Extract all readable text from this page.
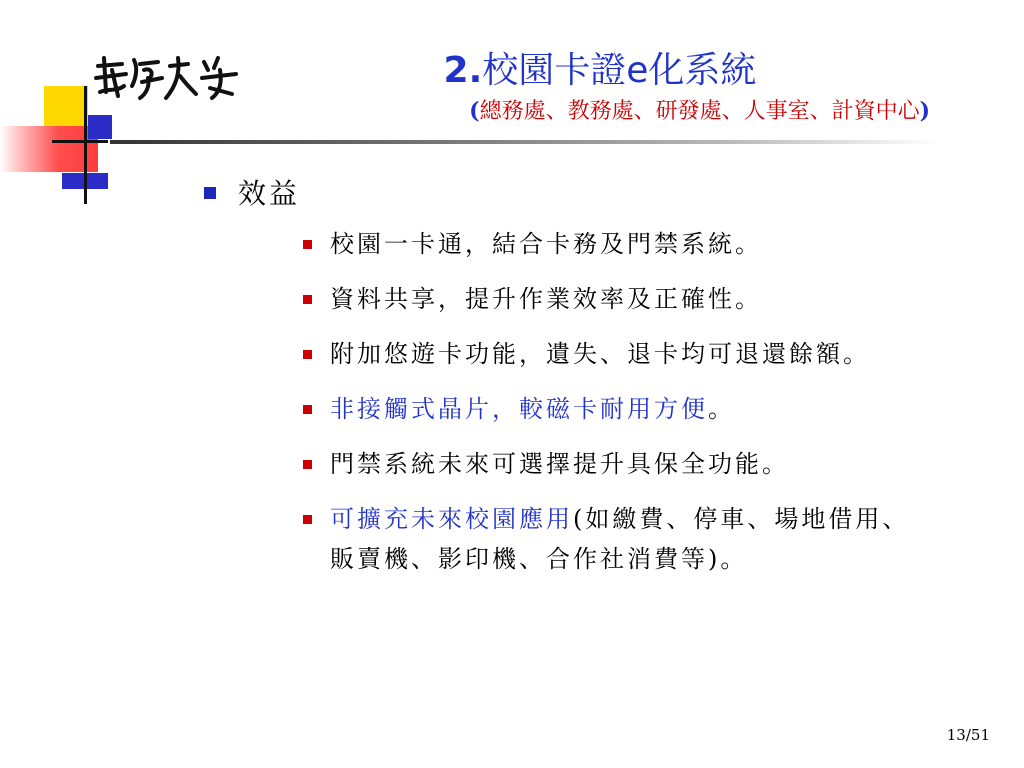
2.校園卡證e化系統
(總務處、教務處、研發處、人事室、計資中心)
效益
校園一卡通，結合卡務及門禁系統。
資料共享，提升作業效率及正確性。
附加悠遊卡功能，遺失、退卡均可退還餘額。
非接觸式晶片，較磁卡耐用方便。
門禁系統未來可選擇提升具保全功能。
可擴充未來校園應用(如繳費、停車、場地借用、販賣機、影印機、合作社消費等)。
13/51
